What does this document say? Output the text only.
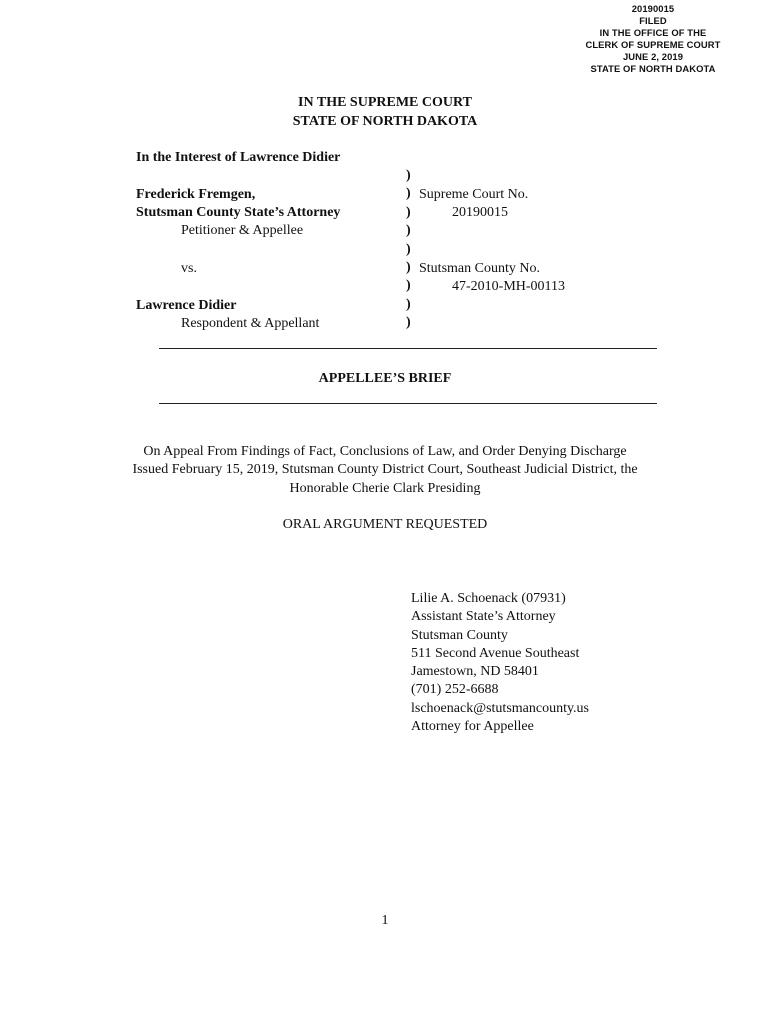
20190015
FILED
IN THE OFFICE OF THE
CLERK OF SUPREME COURT
JUNE 2, 2019
STATE OF NORTH DAKOTA
IN THE SUPREME COURT
STATE OF NORTH DAKOTA
In the Interest of Lawrence Didier
Frederick Fremgen,
Stutsman County State’s Attorney
Petitioner & Appellee
vs.
Lawrence Didier
Respondent & Appellant
)
)
)
)
)
)
)
)
)
Supreme Court No.
20190015
Stutsman County No.
47-2010-MH-00113
APPELLEE’S BRIEF
On Appeal From Findings of Fact, Conclusions of Law, and Order Denying Discharge
Issued February 15, 2019, Stutsman County District Court, Southeast Judicial District, the
Honorable Cherie Clark Presiding
ORAL ARGUMENT REQUESTED
Lilie A. Schoenack (07931)
Assistant State’s Attorney
Stutsman County
511 Second Avenue Southeast
Jamestown, ND 58401
(701) 252-6688
lschoenack@stutsmancounty.us
Attorney for Appellee
1
